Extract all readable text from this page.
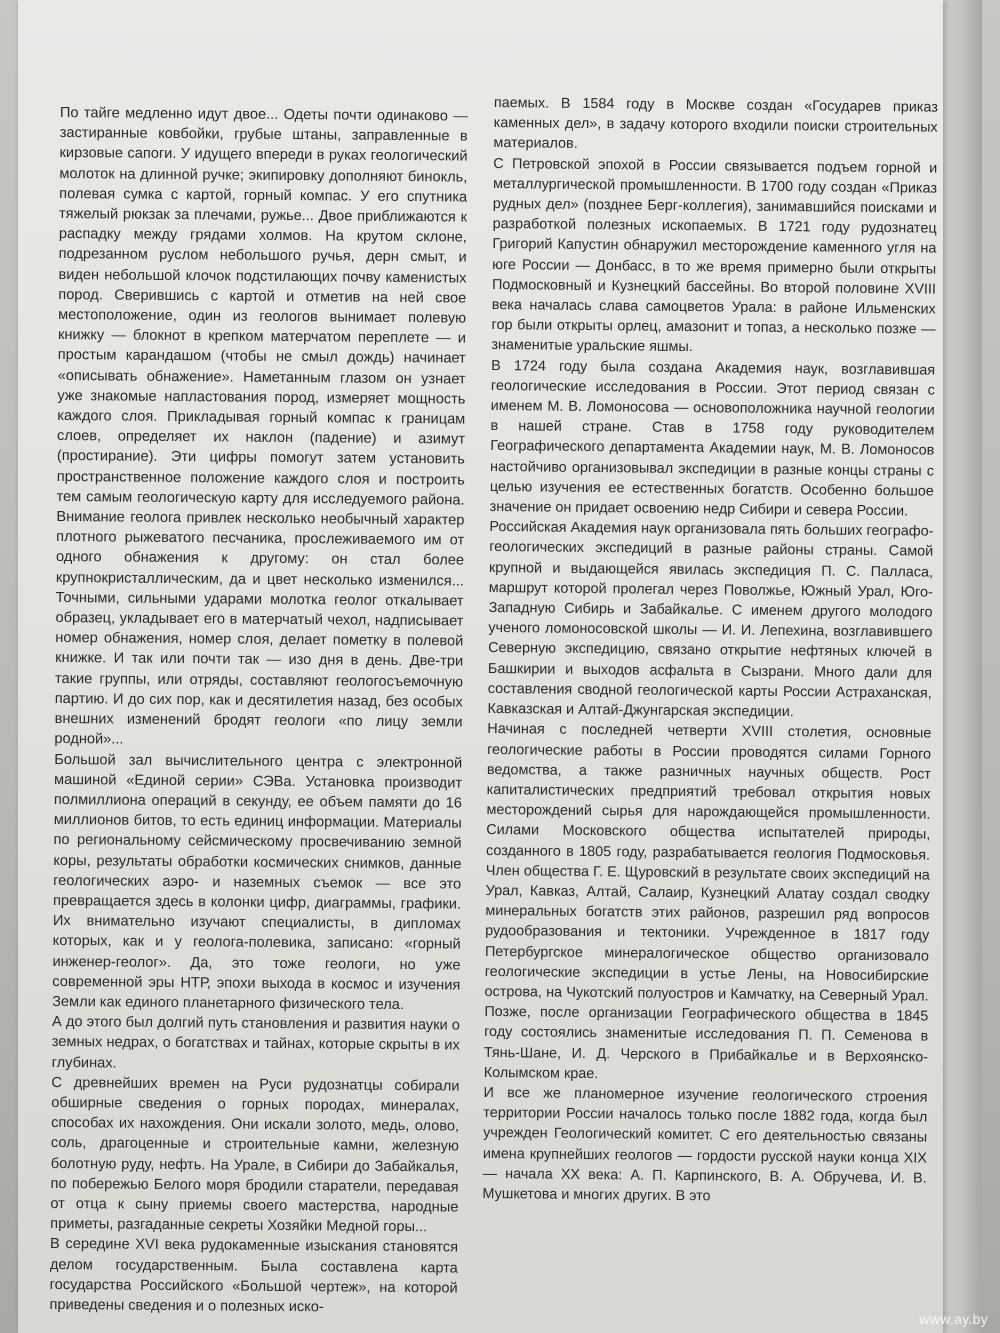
По тайге медленно идут двое... Одеты почти одинаково — застиранные ковбойки, грубые штаны, заправленные в кирзовые сапоги. У идущего впереди в руках геологический молоток на длинной ручке; экипировку дополняют бинокль, полевая сумка с картой, горный компас. У его спутника тяжелый рюкзак за плечами, ружье... Двое приближаются к распадку между грядами холмов. На крутом склоне, подрезанном руслом небольшого ручья, дерн смыт, и виден небольшой клочок подстилающих почву каменистых пород. Сверившись с картой и отметив на ней свое местоположение, один из геологов вынимает полевую книжку — блокнот в крепком матерчатом переплете — и простым карандашом (чтобы не смыл дождь) начинает «описывать обнажение». Наметанным глазом он узнает уже знакомые напластования пород, измеряет мощность каждого слоя. Прикладывая горный компас к границам слоев, определяет их наклон (падение) и азимут (простирание). Эти цифры помогут затем установить пространственное положение каждого слоя и построить тем самым геологическую карту для исследуемого района. Внимание геолога привлек несколько необычный характер плотного рыжеватого песчаника, прослеживаемого им от одного обнажения к другому: он стал более крупнокристаллическим, да и цвет несколько изменился... Точными, сильными ударами молотка геолог откалывает образец, укладывает его в матерчатый чехол, надписывает номер обнажения, номер слоя, делает пометку в полевой книжке. И так или почти так — изо дня в день. Две-три такие группы, или отряды, составляют геологосъемочную партию. И до сих пор, как и десятилетия назад, без особых внешних изменений бродят геологи «по лицу земли родной»...

Большой зал вычислительного центра с электронной машиной «Единой серии» СЭВа. Установка производит полмиллиона операций в секунду, ее объем памяти до 16 миллионов битов, то есть единиц информации. Материалы по региональному сейсмическому просвечиванию земной коры, результаты обработки космических снимков, данные геологических аэро- и наземных съемок — все это превращается здесь в колонки цифр, диаграммы, графики. Их внимательно изучают специалисты, в дипломах которых, как и у геолога-полевика, записано: «горный инженер-геолог». Да, это тоже геологи, но уже современной эры НТР, эпохи выхода в космос и изучения Земли как единого планетарного физического тела.

А до этого был долгий путь становления и развития науки о земных недрах, о богатствах и тайнах, которые скрыты в их глубинах.

С древнейших времен на Руси рудознатцы собирали обширные сведения о горных породах, минералах, способах их нахождения. Они искали золото, медь, олово, соль, драгоценные и строительные камни, железную болотную руду, нефть. На Урале, в Сибири до Забайкалья, по побережью Белого моря бродили старатели, передавая от отца к сыну приемы своего мастерства, народные приметы, разгаданные секреты Хозяйки Медной горы...

В середине XVI века рудокаменные изыскания становятся делом государственным. Была составлена карта государства Российского «Большой чертеж», на которой приведены сведения и о полезных иско-

паемых. В 1584 году в Москве создан «Государев приказ каменных дел», в задачу которого входили поиски строительных материалов.

С Петровской эпохой в России связывается подъем горной и металлургической промышленности. В 1700 году создан «Приказ рудных дел» (позднее Берг-коллегия), занимавшийся поисками и разработкой полезных ископаемых. В 1721 году рудознатец Григорий Капустин обнаружил месторождение каменного угля на юге России — Донбасс, в то же время примерно были открыты Подмосковный и Кузнецкий бассейны. Во второй половине XVIII века началась слава самоцветов Урала: в районе Ильменских гор были открыты орлец, амазонит и топаз, а несколько позже — знаменитые уральские яшмы.

В 1724 году была создана Академия наук, возглавившая геологические исследования в России. Этот период связан с именем М. В. Ломоносова — основоположника научной геологии в нашей стране. Став в 1758 году руководителем Географического департамента Академии наук, М. В. Ломоносов настойчиво организовывал экспедиции в разные концы страны с целью изучения ее естественных богатств. Особенно большое значение он придает освоению недр Сибири и севера России.

Российская Академия наук организовала пять больших географо-геологических экспедиций в разные районы страны. Самой крупной и выдающейся явилась экспедиция П. С. Палласа, маршрут которой пролегал через Поволжье, Южный Урал, Юго-Западную Сибирь и Забайкалье. С именем другого молодого ученого ломоносовской школы — И. И. Лепехина, возглавившего Северную экспедицию, связано открытие нефтяных ключей в Башкирии и выходов асфальта в Сызрани. Много дали для составления сводной геологической карты России Астраханская, Кавказская и Алтай-Джунгарская экспедиции.

Начиная с последней четверти XVIII столетия, основные геологические работы в России проводятся силами Горного ведомства, а также разничных научных обществ. Рост капиталистических предприятий требовал открытия новых месторождений сырья для нарождающейся промышленности. Силами Московского общества испытателей природы, созданного в 1805 году, разрабатывается геология Подмосковья. Член общества Г. Е. Щуровский в результате своих экспедиций на Урал, Кавказ, Алтай, Салаир, Кузнецкий Алатау создал сводку минеральных богатств этих районов, разрешил ряд вопросов рудообразования и тектоники. Учрежденное в 1817 году Петербургское минералогическое общество организовало геологические экспедиции в устье Лены, на Новосибирские острова, на Чукотский полуостров и Камчатку, на Северный Урал. Позже, после организации Географического общества в 1845 году состоялись знаменитые исследования П. П. Семенова в Тянь-Шане, И. Д. Черского в Прибайкалье и в Верхоянско-Колымском крае.

И все же планомерное изучение геологического строения территории России началось только после 1882 года, когда был учрежден Геологический комитет. С его деятельностью связаны имена крупнейших геологов — гордости русской науки конца XIX — начала XX века: А. П. Карпинского, В. А. Обручева, И. В. Мушкетова и многих других. В это

www.ay.by
